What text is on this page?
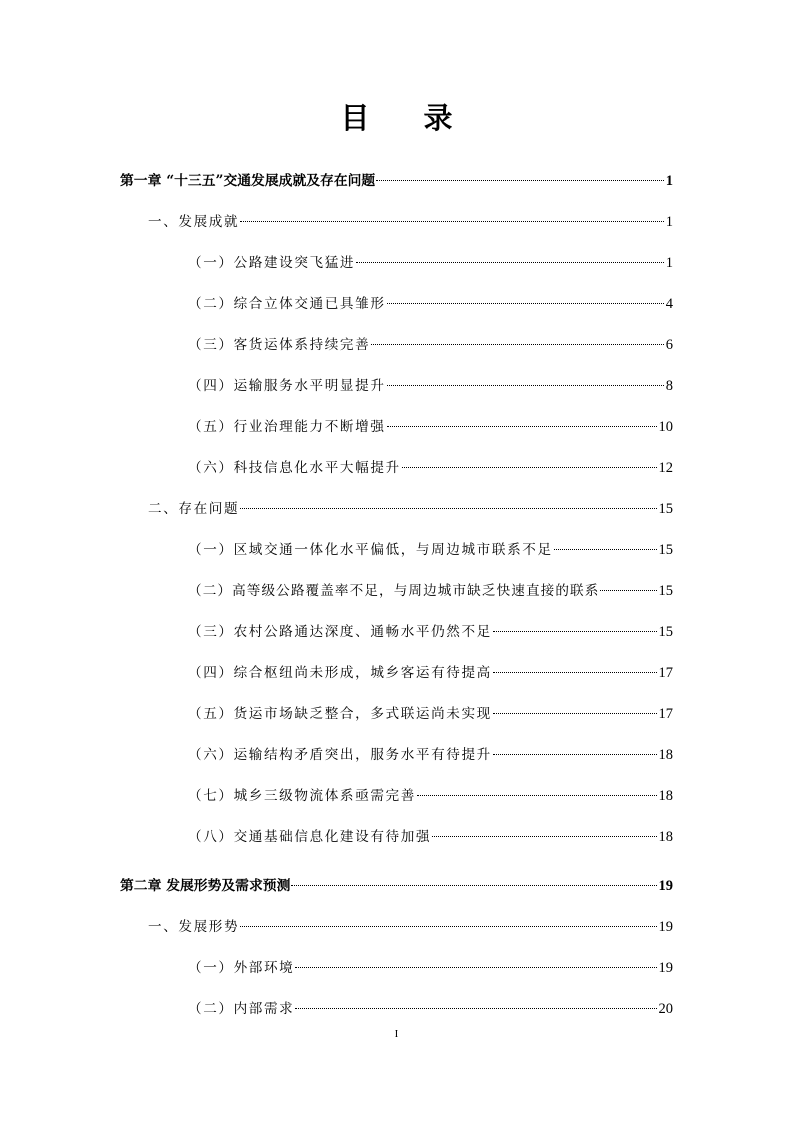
目 录
第一章 “十三五”交通发展成就及存在问题	1
一、发展成就	1
（一）公路建设突飞猛进	1
（二）综合立体交通已具雏形	4
（三）客货运体系持续完善	6
（四）运输服务水平明显提升	8
（五）行业治理能力不断增强	10
（六）科技信息化水平大幅提升	12
二、存在问题	15
（一）区域交通一体化水平偏低，与周边城市联系不足	15
（二）高等级公路覆盖率不足，与周边城市缺乏快速直接的联系	15
（三）农村公路通达深度、通畅水平仍然不足	15
（四）综合枢纽尚未形成，城乡客运有待提高	17
（五）货运市场缺乏整合，多式联运尚未实现	17
（六）运输结构矛盾突出，服务水平有待提升	18
（七）城乡三级物流体系亟需完善	18
（八）交通基础信息化建设有待加强	18
第二章 发展形势及需求预测	19
一、发展形势	19
（一）外部环境	19
（二）内部需求	20
I
